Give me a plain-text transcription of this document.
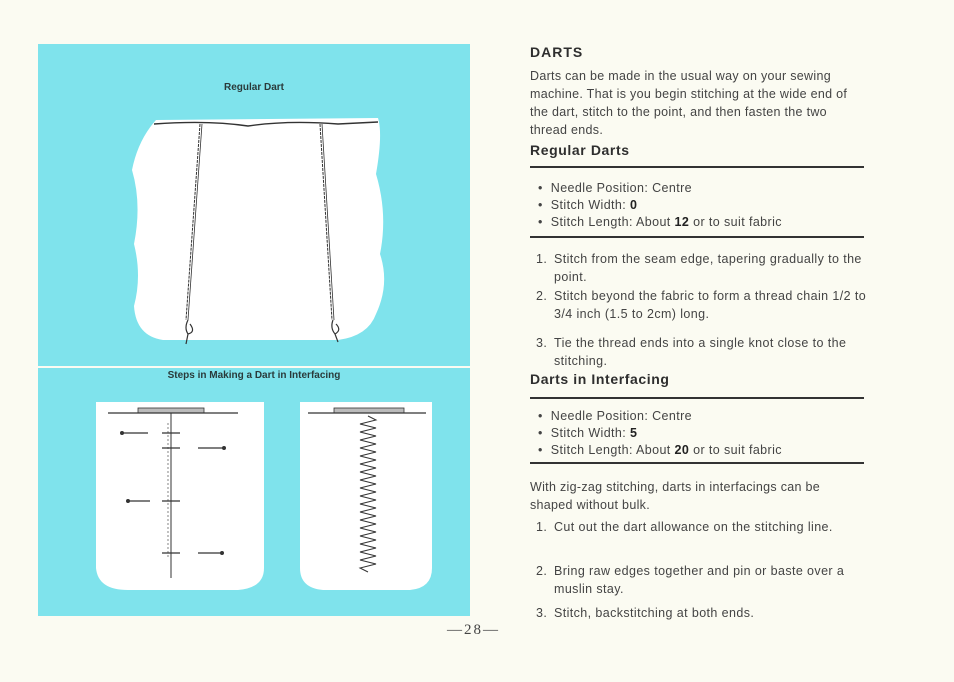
Regular Dart
Steps in Making a Dart in Interfacing
DARTS
Darts can be made in the usual way on your sewing machine. That is you begin stitching at the wide end of the dart, stitch to the point, and then fasten the two thread ends.
Regular Darts
• Needle Position: Centre
• Stitch Width: 0
• Stitch Length: About 12 or to suit fabric
1. Stitch from the seam edge, tapering gradually to the point.
2. Stitch beyond the fabric to form a thread chain 1/2 to 3/4 inch (1.5 to 2cm) long.
3. Tie the thread ends into a single knot close to the stitching.
Darts in Interfacing
• Needle Position: Centre
• Stitch Width: 5
• Stitch Length: About 20 or to suit fabric
With zig-zag stitching, darts in interfacings can be shaped without bulk.
1. Cut out the dart allowance on the stitching line.
2. Bring raw edges together and pin or baste over a muslin stay.
3. Stitch, backstitching at both ends.
—28—
